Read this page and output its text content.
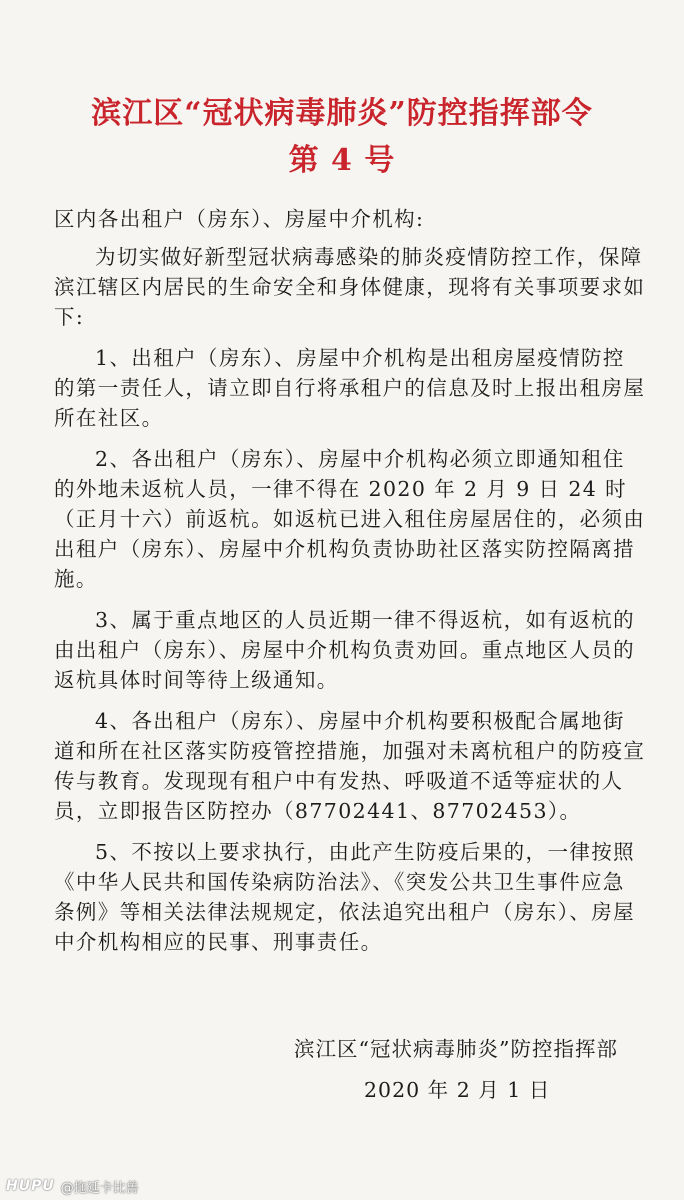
滨江区“冠状病毒肺炎”防控指挥部令
第 4 号

区内各出租户（房东）、房屋中介机构:

为切实做好新型冠状病毒感染的肺炎疫情防控工作，保障滨江辖区内居民的生命安全和身体健康，现将有关事项要求如下:

1、出租户（房东）、房屋中介机构是出租房屋疫情防控的第一责任人，请立即自行将承租户的信息及时上报出租房屋所在社区。

2、各出租户（房东）、房屋中介机构必须立即通知租住的外地未返杭人员，一律不得在 2020 年 2 月 9 日 24 时（正月十六）前返杭。如返杭已进入租住房屋居住的，必须由出租户（房东）、房屋中介机构负责协助社区落实防控隔离措施。

3、属于重点地区的人员近期一律不得返杭，如有返杭的由出租户（房东）、房屋中介机构负责劝回。重点地区人员的返杭具体时间等待上级通知。

4、各出租户（房东）、房屋中介机构要积极配合属地街道和所在社区落实防疫管控措施，加强对未离杭租户的防疫宣传与教育。发现现有租户中有发热、呼吸道不适等症状的人员，立即报告区防控办（87702441、87702453）。

5、不按以上要求执行，由此产生防疫后果的，一律按照《中华人民共和国传染病防治法》、《突发公共卫生事件应急条例》等相关法律法规规定，依法追究出租户（房东）、房屋中介机构相应的民事、刑事责任。

滨江区“冠状病毒肺炎”防控指挥部
2020 年 2 月 1 日
HUPU @拖延卡比兽
